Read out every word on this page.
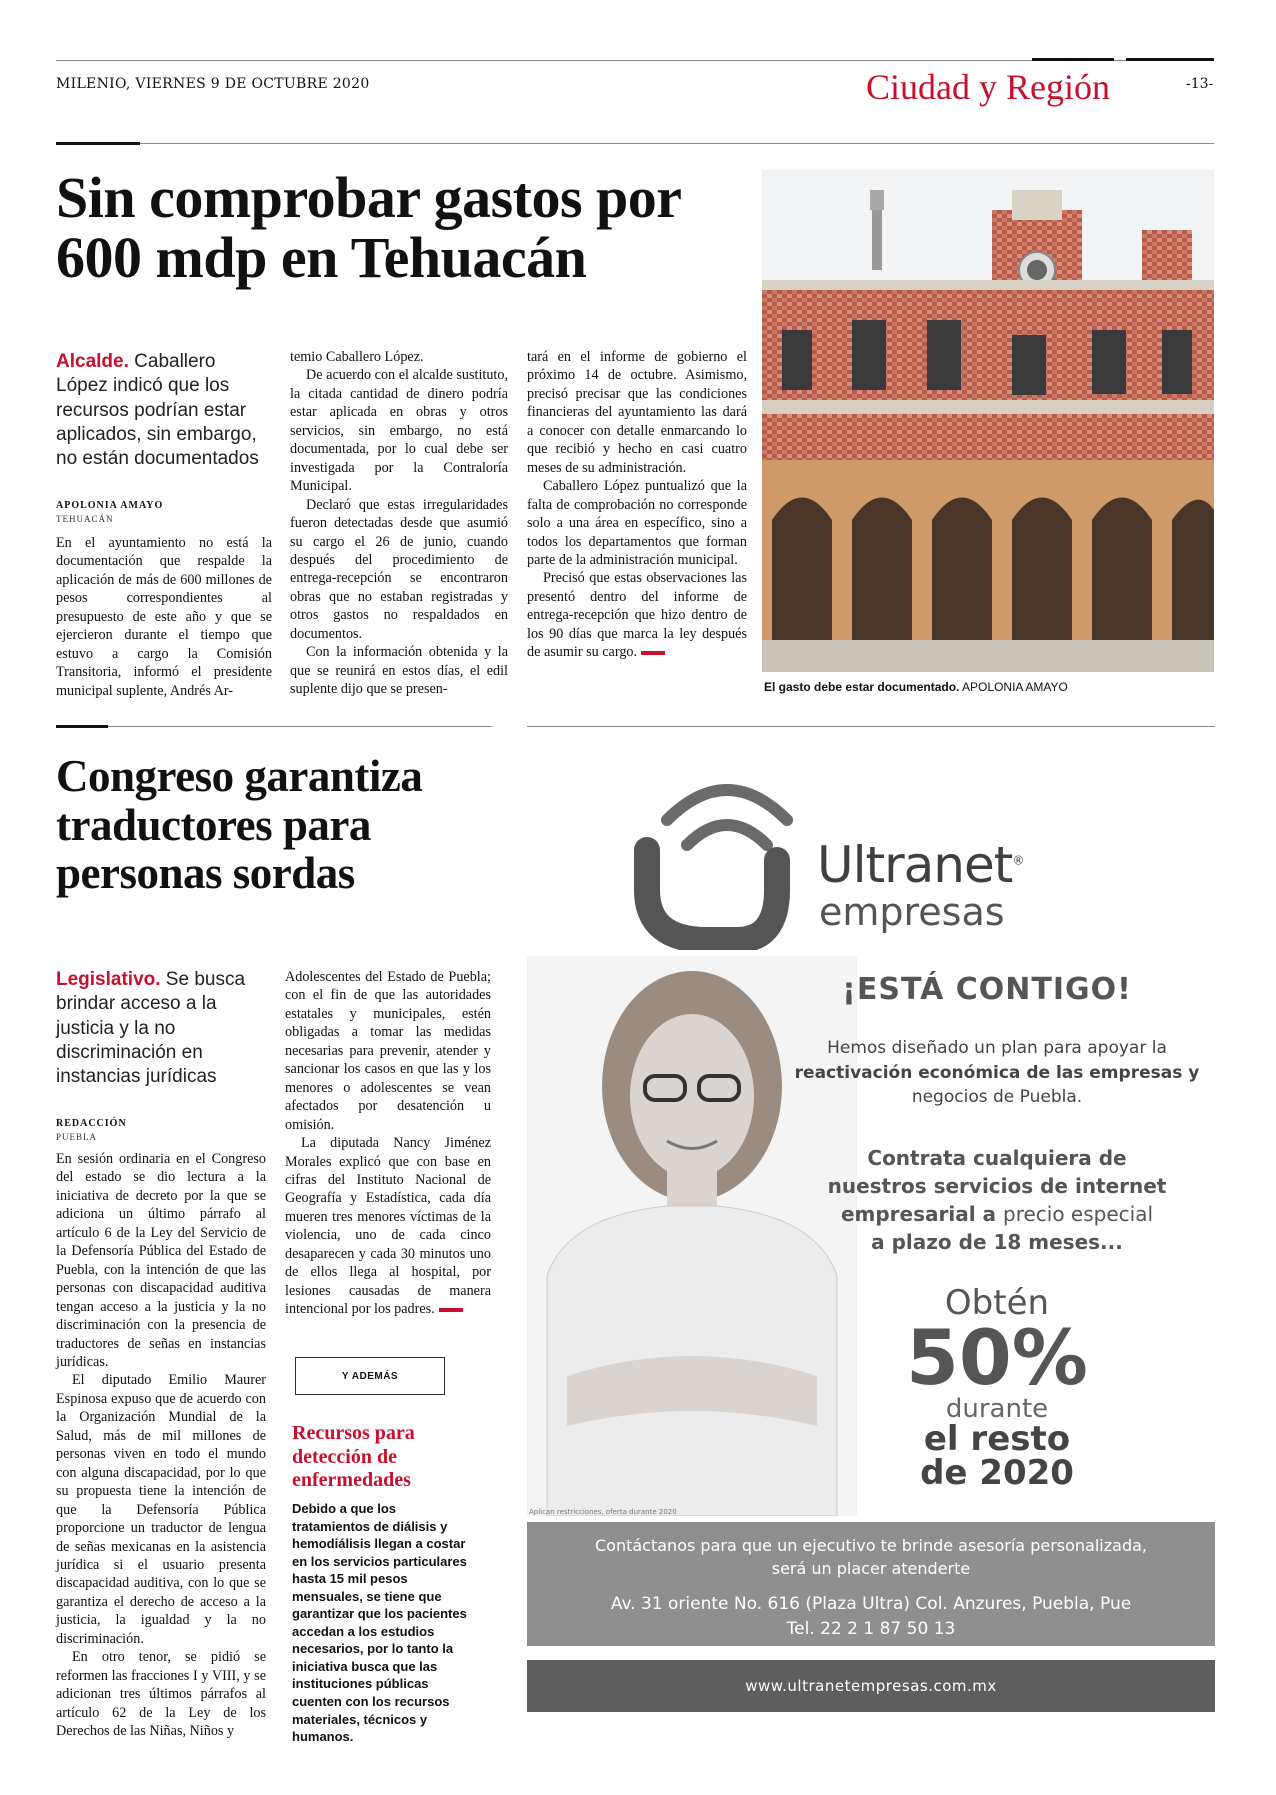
MILENIO, VIERNES 9 DE OCTUBRE 2020	Ciudad y Región	-13-
Sin comprobar gastos por
600 mdp en Tehuacán
Alcalde. Caballero López indicó que los recursos podrían estar aplicados, sin embargo, no están documentados
APOLONIA AMAYO
TEHUACÁN

En el ayuntamiento no está la documentación que respalde la aplicación de más de 600 millones de pesos correspondientes al presupuesto de este año y que se ejercieron durante el tiempo que estuvo a cargo la Comisión Transitoria, informó el presidente municipal suplente, Andrés Ar-

temio Caballero López.

De acuerdo con el alcalde sustituto, la citada cantidad de dinero podría estar aplicada en obras y otros servicios, sin embargo, no está documentada, por lo cual debe ser investigada por la Contraloría Municipal.

Declaró que estas irregularidades fueron detectadas desde que asumió su cargo el 26 de junio, cuando después del procedimiento de entrega-recepción se encontraron obras que no estaban registradas y otros gastos no respaldados en documentos.

Con la información obtenida y la que se reunirá en estos días, el edil suplente dijo que se presen-

tará en el informe de gobierno el próximo 14 de octubre. Asimismo, precisó precisar que las condiciones financieras del ayuntamiento las dará a conocer con detalle enmarcando lo que recibió y hecho en casi cuatro meses de su administración.

Caballero López puntualizó que la falta de comprobación no corresponde solo a una área en específico, sino a todos los departamentos que forman parte de la administración municipal.

Precisó que estas observaciones las presentó dentro del informe de entrega-recepción que hizo dentro de los 90 días que marca la ley después de asumir su cargo.

El gasto debe estar documentado. APOLONIA AMAYO
Congreso garantiza
traductores para
personas sordas
Legislativo. Se busca brindar acceso a la justicia y la no discriminación en instancias jurídicas
REDACCIÓN
PUEBLA

En sesión ordinaria en el Congreso del estado se dio lectura a la iniciativa de decreto por la que se adiciona un último párrafo al artículo 6 de la Ley del Servicio de la Defensoría Pública del Estado de Puebla, con la intención de que las personas con discapacidad auditiva tengan acceso a la justicia y la no discriminación con la presencia de traductores de señas en instancias jurídicas.

El diputado Emilio Maurer Espinosa expuso que de acuerdo con la Organización Mundial de la Salud, más de mil millones de personas viven en todo el mundo con alguna discapacidad, por lo que su propuesta tiene la intención de que la Defensoría Pública proporcione un traductor de lengua de señas mexicanas en la asistencia jurídica si el usuario presenta discapacidad auditiva, con lo que se garantiza el derecho de acceso a la justicia, la igualdad y la no discriminación.

En otro tenor, se pidió se reformen las fracciones I y VIII, y se adicionan tres últimos párrafos al artículo 62 de la Ley de los Derechos de las Niñas, Niños y

Adolescentes del Estado de Puebla; con el fin de que las autoridades estatales y municipales, estén obligadas a tomar las medidas necesarias para prevenir, atender y sancionar los casos en que las y los menores o adolescentes se vean afectados por desatención u omisión.

La diputada Nancy Jiménez Morales explicó que con base en cifras del Instituto Nacional de Geografía y Estadística, cada día mueren tres menores víctimas de la violencia, uno de cada cinco desaparecen y cada 30 minutos uno de ellos llega al hospital, por lesiones causadas de manera intencional por los padres.

Y ADEMÁS
Recursos para detección de enfermedades
Debido a que los tratamientos de diálisis y hemodiálisis llegan a costar en los servicios particulares hasta 15 mil pesos mensuales, se tiene que garantizar que los pacientes accedan a los estudios necesarios, por lo tanto la iniciativa busca que las instituciones públicas cuenten con los recursos materiales, técnicos y humanos.
Ultranet®
empresas
Aplican restricciones, oferta durante 2020
¡ESTÁ CONTIGO!
Hemos diseñado un plan para apoyar la
reactivación económica de las empresas y
negocios de Puebla.
Contrata cualquiera de
nuestros servicios de internet
empresarial a precio especial
a plazo de 18 meses...
Obtén
50%
durante
el resto
de 2020
Contáctanos para que un ejecutivo te brinde asesoría personalizada,
será un placer atenderte
Av. 31 oriente No. 616 (Plaza Ultra) Col. Anzures, Puebla, Pue
Tel. 22 2 1 87 50 13
www.ultranetempresas.com.mx
